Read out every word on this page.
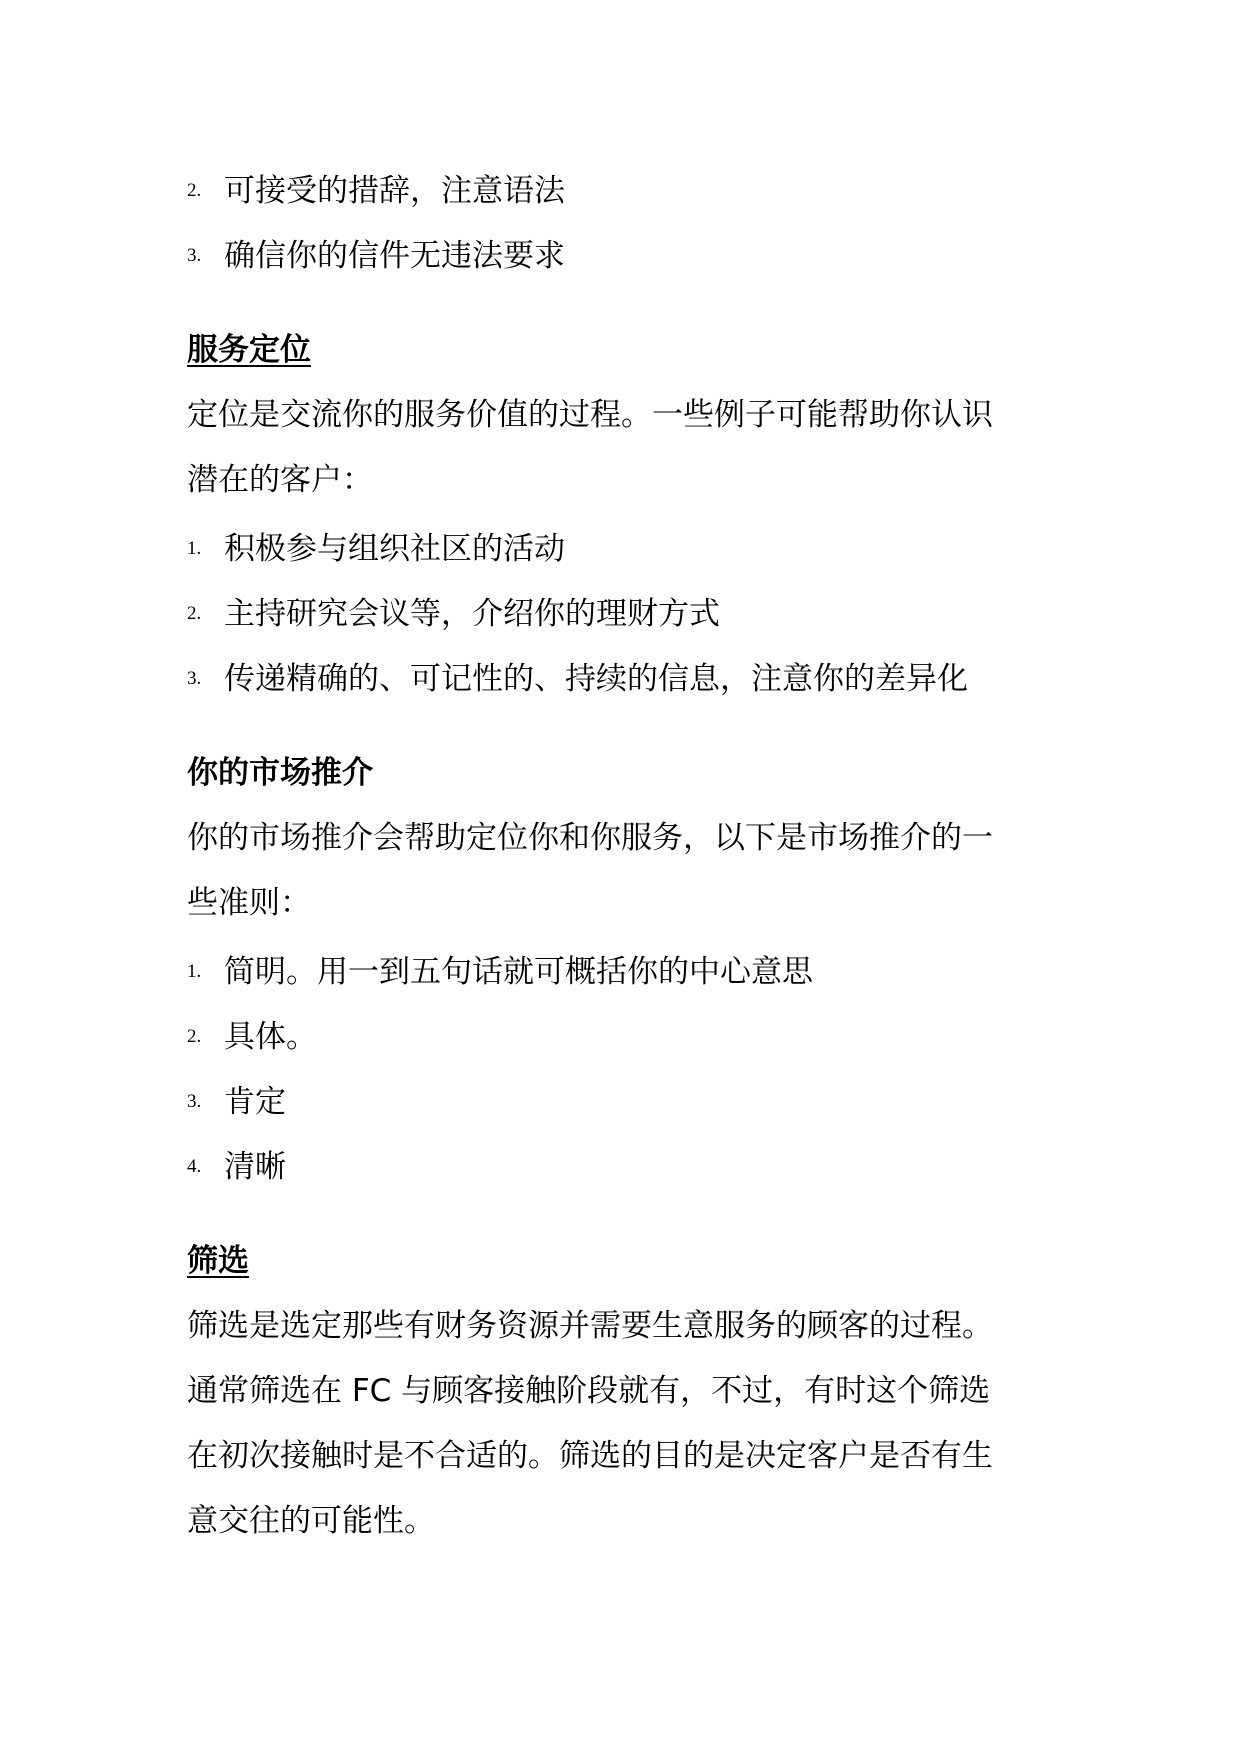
2. 可接受的措辞，注意语法
3. 确信你的信件无违法要求
服务定位

定位是交流你的服务价值的过程。一些例子可能帮助你认识
潜在的客户：

1. 积极参与组织社区的活动
2. 主持研究会议等，介绍你的理财方式
3. 传递精确的、可记性的、持续的信息，注意你的差异化
你的市场推介

你的市场推介会帮助定位你和你服务，以下是市场推介的一
些准则：

1. 简明。用一到五句话就可概括你的中心意思
2. 具体。
3. 肯定
4. 清晰
筛选

筛选是选定那些有财务资源并需要生意服务的顾客的过程。
通常筛选在 FC 与顾客接触阶段就有，不过，有时这个筛选
在初次接触时是不合适的。筛选的目的是决定客户是否有生
意交往的可能性。
